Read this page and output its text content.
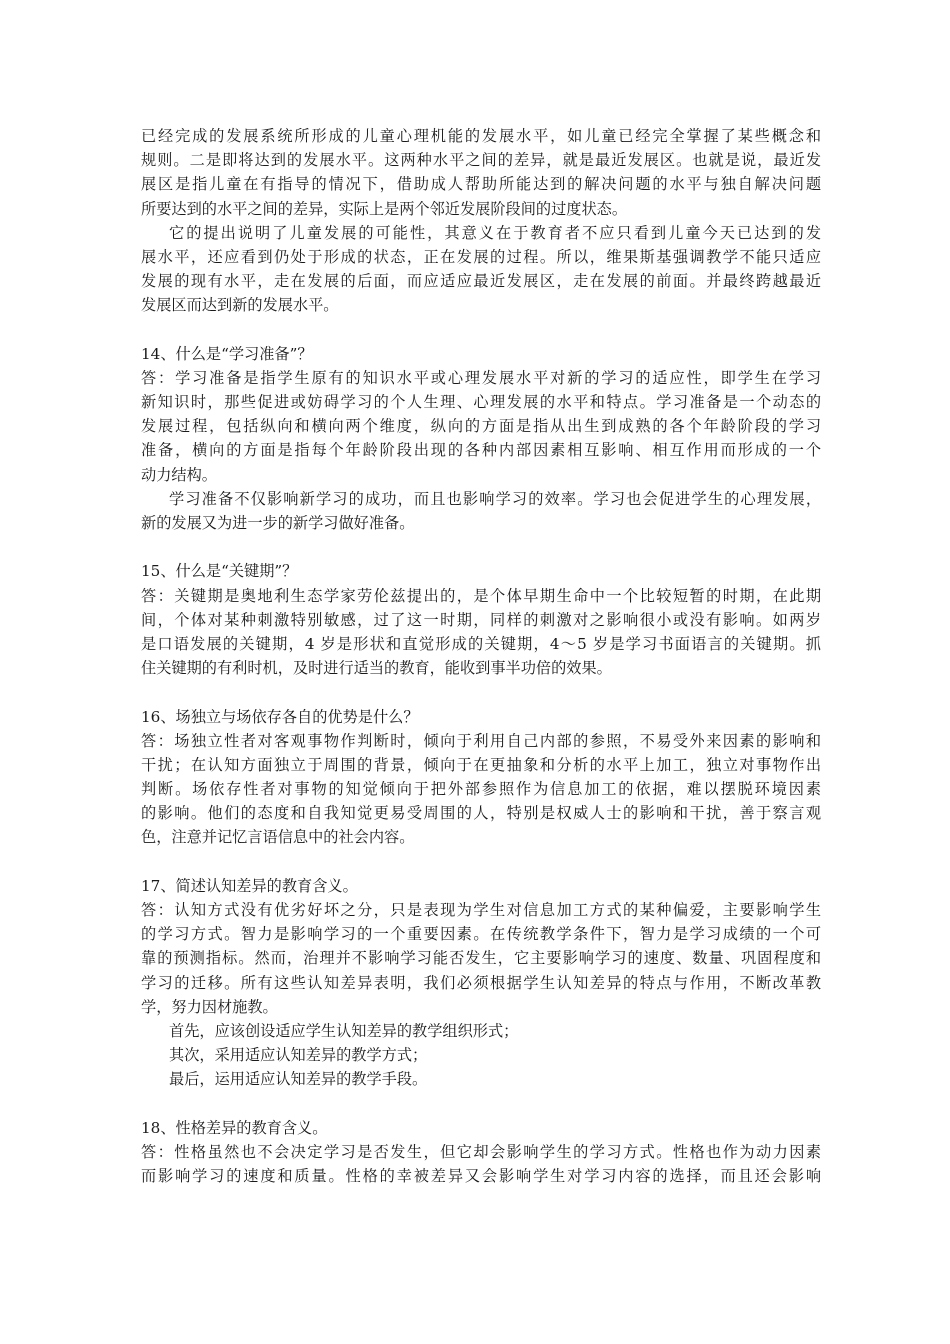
已经完成的发展系统所形成的儿童心理机能的发展水平，如儿童已经完全掌握了某些概念和
规则。二是即将达到的发展水平。这两种水平之间的差异，就是最近发展区。也就是说，最近发
展区是指儿童在有指导的情况下，借助成人帮助所能达到的解决问题的水平与独自解决问题
所要达到的水平之间的差异，实际上是两个邻近发展阶段间的过度状态。
它的提出说明了儿童发展的可能性，其意义在于教育者不应只看到儿童今天已达到的发
展水平，还应看到仍处于形成的状态，正在发展的过程。所以，维果斯基强调教学不能只适应
发展的现有水平，走在发展的后面，而应适应最近发展区，走在发展的前面。并最终跨越最近
发展区而达到新的发展水平。
14、什么是“学习准备”？
答：学习准备是指学生原有的知识水平或心理发展水平对新的学习的适应性，即学生在学习
新知识时，那些促进或妨碍学习的个人生理、心理发展的水平和特点。学习准备是一个动态的
发展过程，包括纵向和横向两个维度，纵向的方面是指从出生到成熟的各个年龄阶段的学习
准备，横向的方面是指每个年龄阶段出现的各种内部因素相互影响、相互作用而形成的一个
动力结构。
学习准备不仅影响新学习的成功，而且也影响学习的效率。学习也会促进学生的心理发展，
新的发展又为进一步的新学习做好准备。
15、什么是“关键期”？
答：关键期是奥地利生态学家劳伦兹提出的，是个体早期生命中一个比较短暂的时期，在此期
间，个体对某种刺激特别敏感，过了这一时期，同样的刺激对之影响很小或没有影响。如两岁
是口语发展的关键期，4 岁是形状和直觉形成的关键期，4～5 岁是学习书面语言的关键期。抓
住关键期的有利时机，及时进行适当的教育，能收到事半功倍的效果。
16、场独立与场依存各自的优势是什么？
答：场独立性者对客观事物作判断时，倾向于利用自己内部的参照，不易受外来因素的影响和
干扰；在认知方面独立于周围的背景，倾向于在更抽象和分析的水平上加工，独立对事物作出
判断。场依存性者对事物的知觉倾向于把外部参照作为信息加工的依据，难以摆脱环境因素
的影响。他们的态度和自我知觉更易受周围的人，特别是权威人士的影响和干扰，善于察言观
色，注意并记忆言语信息中的社会内容。
17、简述认知差异的教育含义。
答：认知方式没有优劣好坏之分，只是表现为学生对信息加工方式的某种偏爱，主要影响学生
的学习方式。智力是影响学习的一个重要因素。在传统教学条件下，智力是学习成绩的一个可
靠的预测指标。然而，治理并不影响学习能否发生，它主要影响学习的速度、数量、巩固程度和
学习的迁移。所有这些认知差异表明，我们必须根据学生认知差异的特点与作用，不断改革教
学，努力因材施教。
首先，应该创设适应学生认知差异的教学组织形式；
其次，采用适应认知差异的教学方式；
最后，运用适应认知差异的教学手段。
18、性格差异的教育含义。
答：性格虽然也不会决定学习是否发生，但它却会影响学生的学习方式。性格也作为动力因素
而影响学习的速度和质量。性格的幸被差异又会影响学生对学习内容的选择，而且还会影响
